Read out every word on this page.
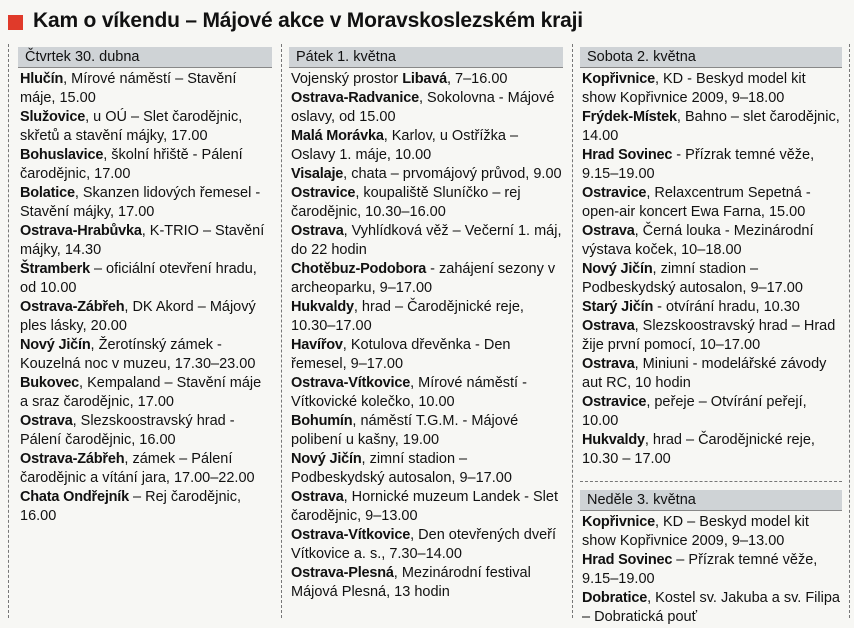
Kam o víkendu – Májové akce v Moravskoslezském kraji
Čtvrtek 30. dubna
Hlučín, Mírové náměstí – Stavění máje, 15.00
Služovice, u OÚ – Slet čarodějnic, skřetů a stavění májky, 17.00
Bohuslavice, školní hřiště - Pálení čarodějnic, 17.00
Bolatice, Skanzen lidových řemesel - Stavění májky, 17.00
Ostrava-Hrabůvka, K-TRIO – Stavění májky, 14.30
Štramberk – oficiální otevření hradu, od 10.00
Ostrava-Zábřeh, DK Akord – Májový ples lásky, 20.00
Nový Jičín, Žerotínský zámek - Kouzelná noc v muzeu, 17.30–23.00
Bukovec, Kempaland – Stavění máje a sraz čarodějnic, 17.00
Ostrava, Slezskoostravský hrad - Pálení čarodějnic, 16.00
Ostrava-Zábřeh, zámek – Pálení čarodějnic a vítání jara, 17.00–22.00
Chata Ondřejník – Rej čarodějnic, 16.00
Pátek 1. května
Vojenský prostor Libavá, 7–16.00
Ostrava-Radvanice, Sokolovna - Májové oslavy, od 15.00
Malá Morávka, Karlov, u Ostřížka – Oslavy 1. máje, 10.00
Visalaje, chata – prvomájový průvod, 9.00
Ostravice, koupaliště Sluníčko – rej čarodějnic, 10.30–16.00
Ostrava, Vyhlídková věž – Večerní 1. máj, do 22 hodin
Chotěbuz-Podobora - zahájení sezony v archeoparku, 9–17.00
Hukvaldy, hrad – Čarodějnické reje, 10.30–17.00
Havířov, Kotulova dřevěnka - Den řemesel, 9–17.00
Ostrava-Vítkovice, Mírové náměstí - Vítkovické kolečko, 10.00
Bohumín, náměstí T.G.M. - Májové polibení u kašny, 19.00
Nový Jičín, zimní stadion – Podbeskydský autosalon, 9–17.00
Ostrava, Hornické muzeum Landek - Slet čarodějnic, 9–13.00
Ostrava-Vítkovice, Den otevřených dveří Vítkovice a. s., 7.30–14.00
Ostrava-Plesná, Mezinárodní festival Májová Plesná, 13 hodin
Sobota 2. května
Kopřivnice, KD - Beskyd model kit show Kopřivnice 2009, 9–18.00
Frýdek-Místek, Bahno – slet čarodějnic, 14.00
Hrad Sovinec - Přízrak temné věže, 9.15–19.00
Ostravice, Relaxcentrum Sepetná - open-air koncert Ewa Farna, 15.00
Ostrava, Černá louka - Mezinárodní výstava koček, 10–18.00
Nový Jičín, zimní stadion – Podbeskydský autosalon, 9–17.00
Starý Jičín - otvírání hradu, 10.30
Ostrava, Slezskoostravský hrad – Hrad žije první pomocí, 10–17.00
Ostrava, Miniuni - modelářské závody aut RC, 10 hodin
Ostravice, peřeje – Otvírání peřejí, 10.00
Hukvaldy, hrad – Čarodějnické reje, 10.30 – 17.00
Neděle 3. května
Kopřivnice, KD – Beskyd model kit show Kopřivnice 2009, 9–13.00
Hrad Sovinec – Přízrak temné věže, 9.15–19.00
Dobratice, Kostel sv. Jakuba a sv. Filipa – Dobratická pouť
